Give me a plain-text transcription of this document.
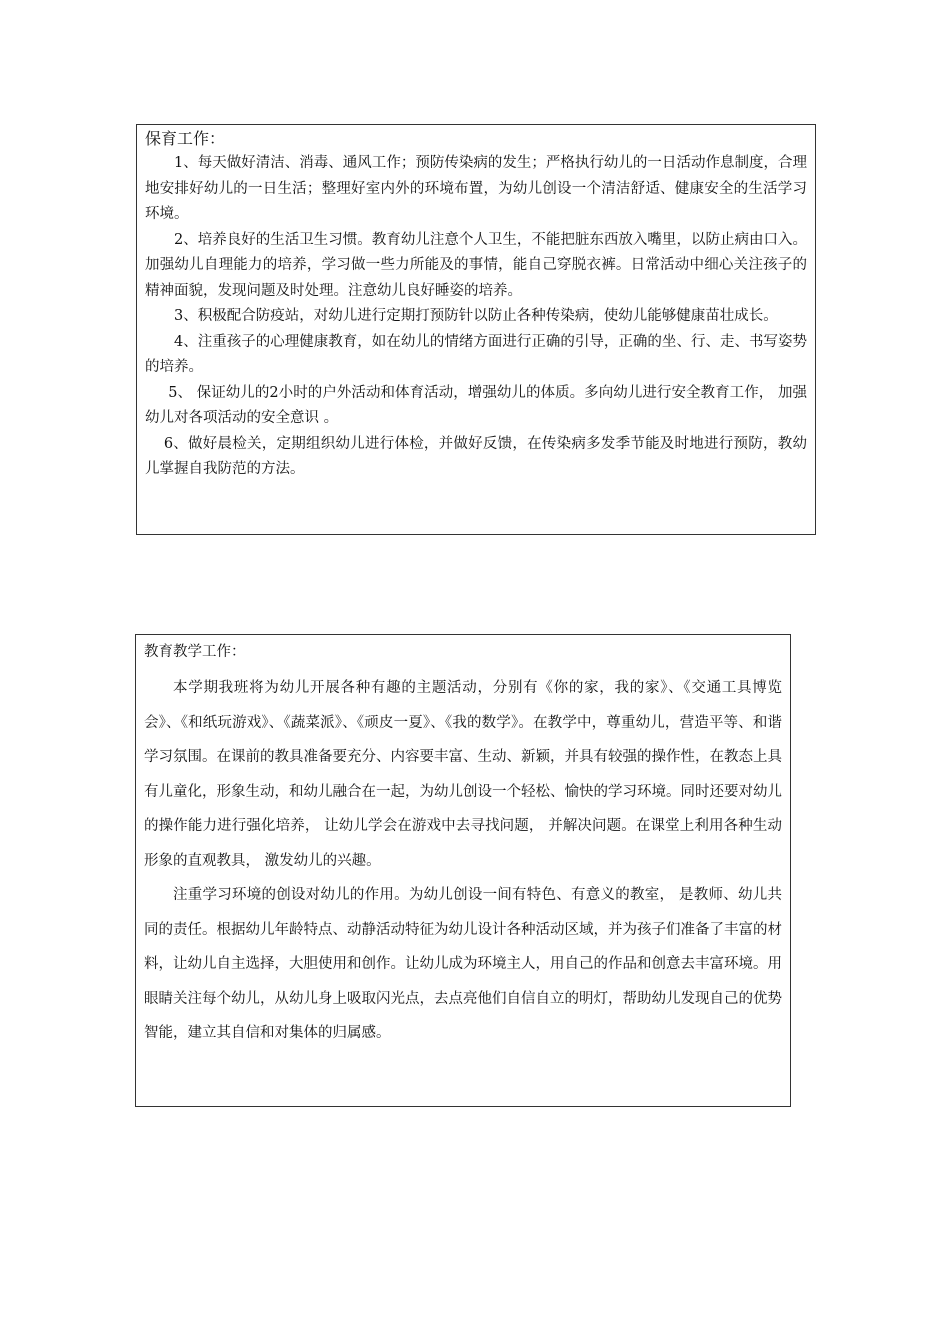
保育工作：

1、每天做好清洁、消毒、通风工作；预防传染病的发生；严格执行幼儿的一日活动作息制度，合理地安排好幼儿的一日生活；整理好室内外的环境布置，为幼儿创设一个清洁舒适、健康安全的生活学习环境。

2、培养良好的生活卫生习惯。教育幼儿注意个人卫生，不能把脏东西放入嘴里，以防止病由口入。加强幼儿自理能力的培养，学习做一些力所能及的事情，能自己穿脱衣裤。日常活动中细心关注孩子的精神面貌，发现问题及时处理。注意幼儿良好睡姿的培养。

3、积极配合防疫站，对幼儿进行定期打预防针以防止各种传染病，使幼儿能够健康苗壮成长。

4、注重孩子的心理健康教育，如在幼儿的情绪方面进行正确的引导，正确的坐、行、走、书写姿势的培养。

5、 保证幼儿的2小时的户外活动和体育活动，增强幼儿的体质。多向幼儿进行安全教育工作， 加强幼儿对各项活动的安全意识 。

6、做好晨检关，定期组织幼儿进行体检，并做好反馈，在传染病多发季节能及时地进行预防，教幼儿掌握自我防范的方法。

教育教学工作：

本学期我班将为幼儿开展各种有趣的主题活动，分别有《你的家，我的家》、《交通工具博览会》、《和纸玩游戏》、《蔬菜派》、《顽皮一夏》、《我的数学》。在教学中，尊重幼儿，营造平等、和谐学习氛围。在课前的教具准备要充分、内容要丰富、生动、新颖，并具有较强的操作性，在教态上具有儿童化，形象生动，和幼儿融合在一起，为幼儿创设一个轻松、愉快的学习环境。同时还要对幼儿的操作能力进行强化培养， 让幼儿学会在游戏中去寻找问题， 并解决问题。在课堂上利用各种生动形象的直观教具， 激发幼儿的兴趣。

注重学习环境的创设对幼儿的作用。为幼儿创设一间有特色、有意义的教室， 是教师、幼儿共同的责任。根据幼儿年龄特点、动静活动特征为幼儿设计各种活动区域，并为孩子们准备了丰富的材料，让幼儿自主选择，大胆使用和创作。让幼儿成为环境主人，用自己的作品和创意去丰富环境。用眼睛关注每个幼儿，从幼儿身上吸取闪光点，去点亮他们自信自立的明灯，帮助幼儿发现自己的优势智能，建立其自信和对集体的归属感。
